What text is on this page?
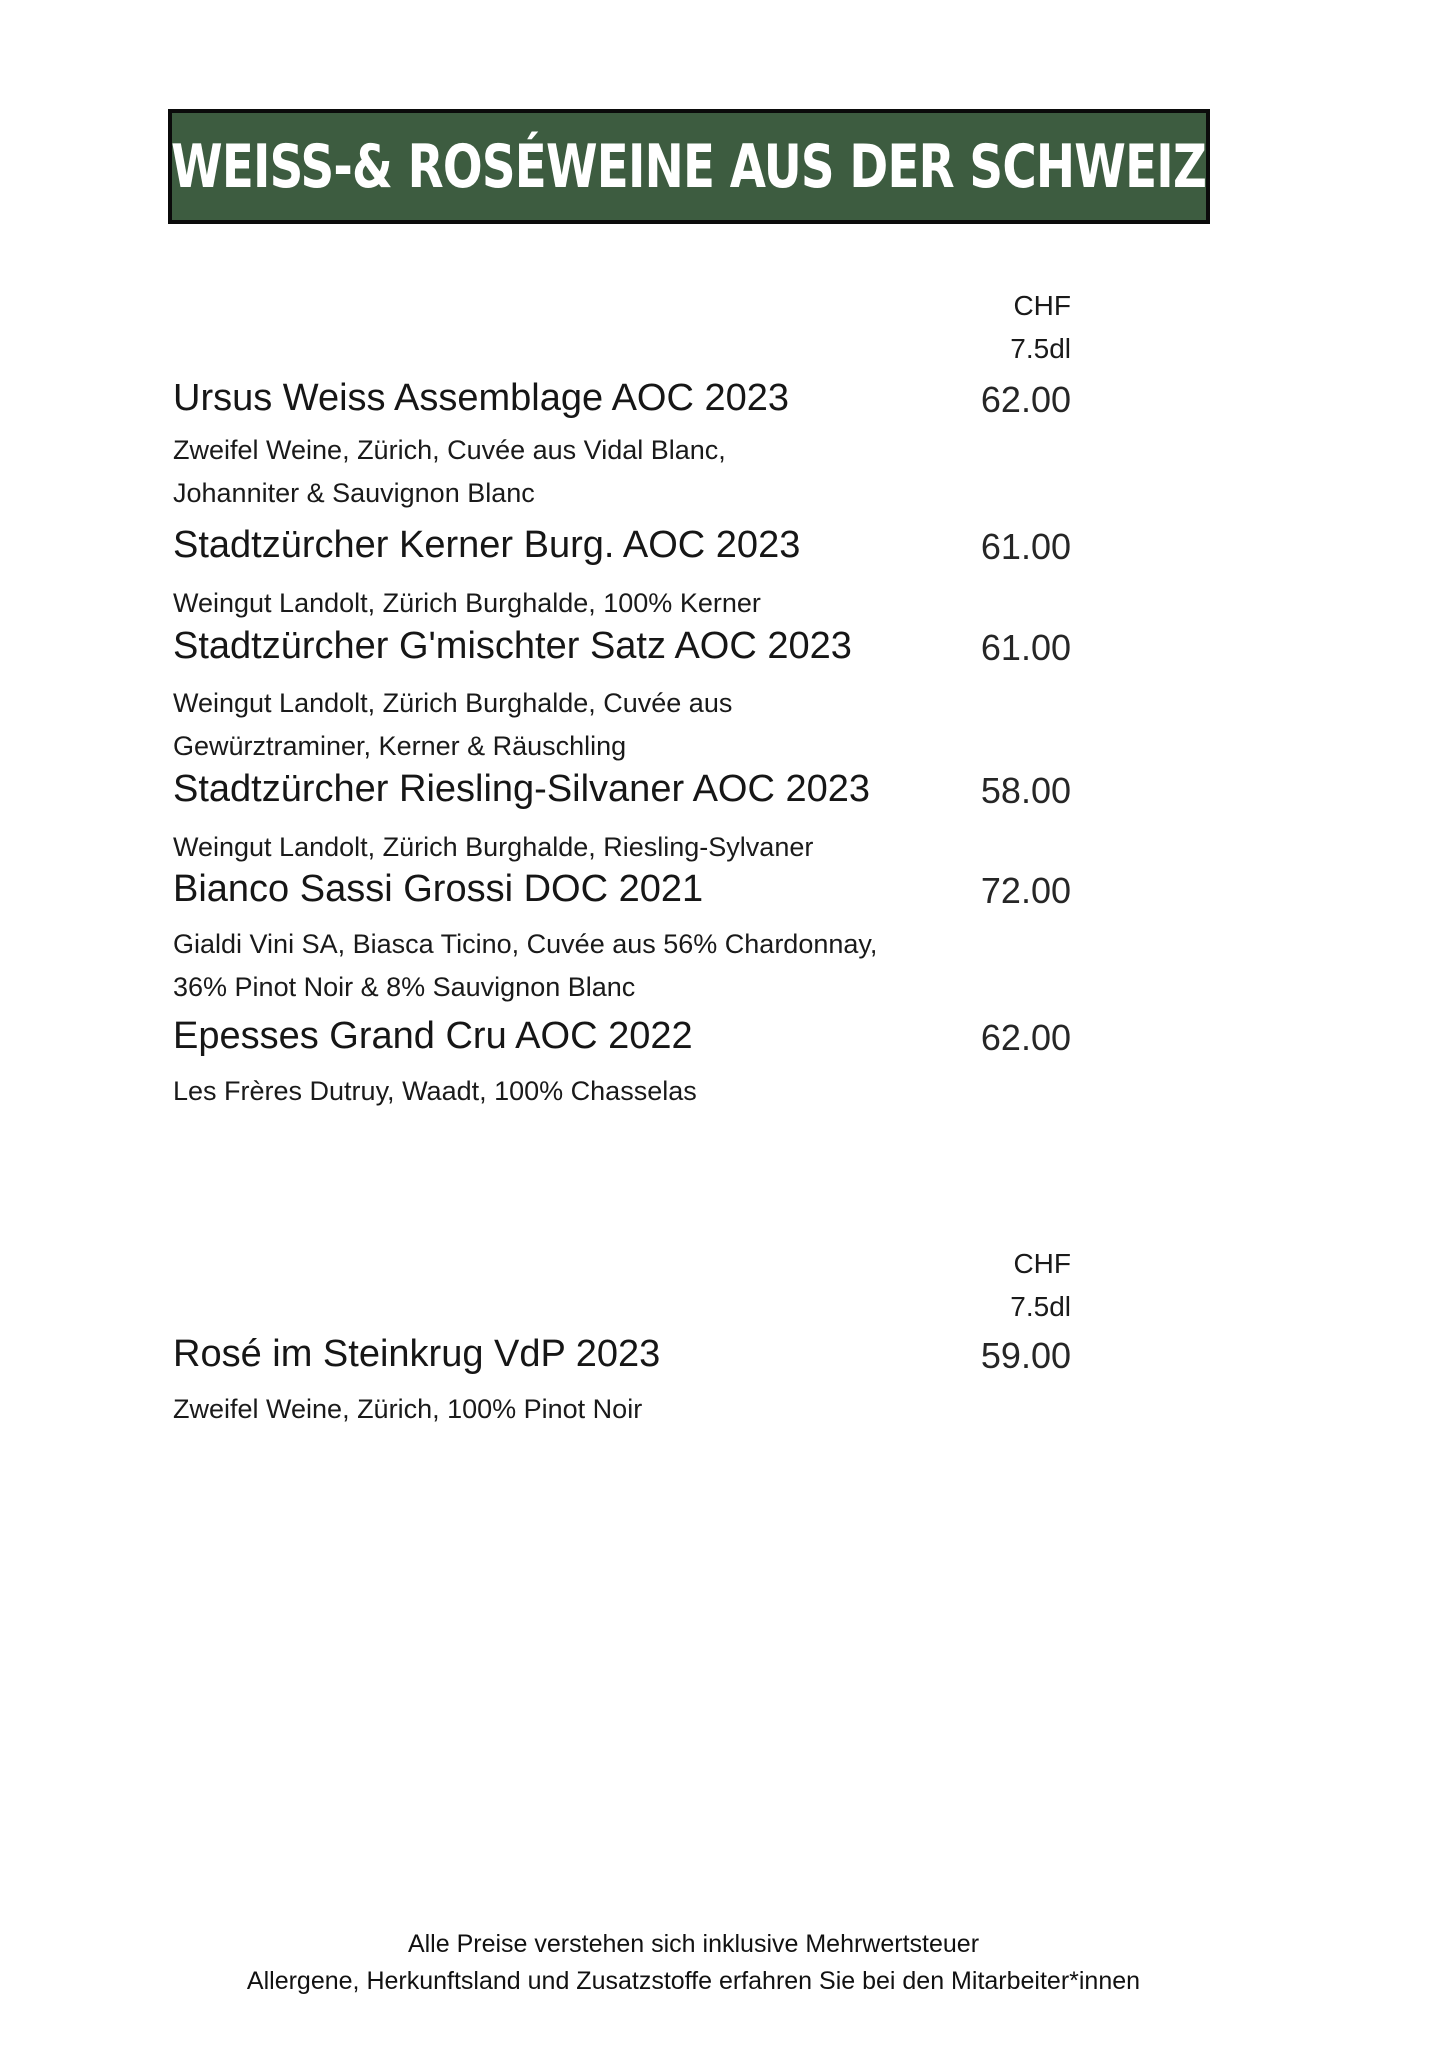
WEISS-& ROSÉWEINE AUS DER SCHWEIZ
CHF
7.5dl
Ursus Weiss Assemblage AOC 2023	62.00
Zweifel Weine, Zürich, Cuvée aus Vidal Blanc, Johanniter & Sauvignon Blanc
Stadtzürcher Kerner Burg. AOC 2023	61.00
Weingut Landolt, Zürich Burghalde, 100% Kerner
Stadtzürcher G'mischter Satz AOC 2023	61.00
Weingut Landolt, Zürich Burghalde, Cuvée aus Gewürztraminer, Kerner & Räuschling
Stadtzürcher Riesling-Silvaner AOC 2023	58.00
Weingut Landolt, Zürich Burghalde, Riesling-Sylvaner
Bianco Sassi Grossi DOC 2021	72.00
Gialdi Vini SA, Biasca Ticino, Cuvée aus 56% Chardonnay, 36% Pinot Noir & 8% Sauvignon Blanc
Epesses Grand Cru AOC 2022	62.00
Les Frères Dutruy, Waadt, 100% Chasselas
CHF
7.5dl
Rosé im Steinkrug VdP 2023	59.00
Zweifel Weine, Zürich, 100% Pinot Noir
Alle Preise verstehen sich inklusive Mehrwertsteuer
Allergene, Herkunftsland und Zusatzstoffe erfahren Sie bei den Mitarbeiter*innen
